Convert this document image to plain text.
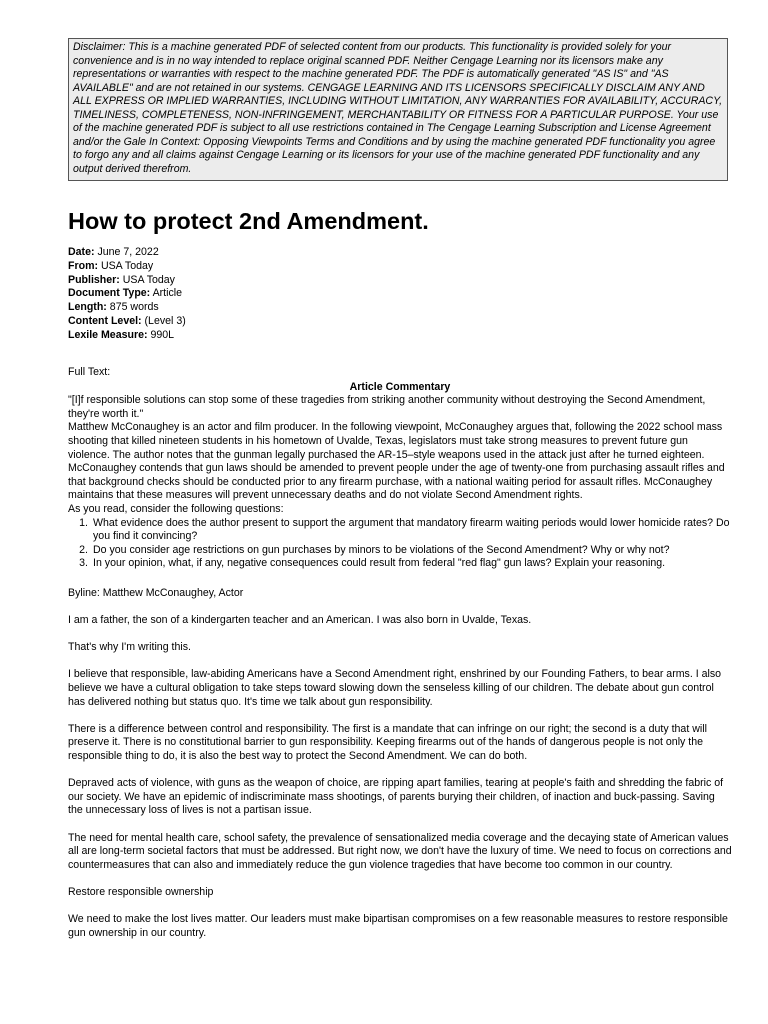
Disclaimer: This is a machine generated PDF of selected content from our products. This functionality is provided solely for your convenience and is in no way intended to replace original scanned PDF. Neither Cengage Learning nor its licensors make any representations or warranties with respect to the machine generated PDF. The PDF is automatically generated "AS IS" and "AS AVAILABLE" and are not retained in our systems. CENGAGE LEARNING AND ITS LICENSORS SPECIFICALLY DISCLAIM ANY AND ALL EXPRESS OR IMPLIED WARRANTIES, INCLUDING WITHOUT LIMITATION, ANY WARRANTIES FOR AVAILABILITY, ACCURACY, TIMELINESS, COMPLETENESS, NON-INFRINGEMENT, MERCHANTABILITY OR FITNESS FOR A PARTICULAR PURPOSE. Your use of the machine generated PDF is subject to all use restrictions contained in The Cengage Learning Subscription and License Agreement and/or the Gale In Context: Opposing Viewpoints Terms and Conditions and by using the machine generated PDF functionality you agree to forgo any and all claims against Cengage Learning or its licensors for your use of the machine generated PDF functionality and any output derived therefrom.
How to protect 2nd Amendment.
Date: June 7, 2022
From: USA Today
Publisher: USA Today
Document Type: Article
Length: 875 words
Content Level: (Level 3)
Lexile Measure: 990L

Full Text:

Article Commentary

"[I]f responsible solutions can stop some of these tragedies from striking another community without destroying the Second Amendment, they're worth it."

Matthew McConaughey is an actor and film producer. In the following viewpoint, McConaughey argues that, following the 2022 school mass shooting that killed nineteen students in his hometown of Uvalde, Texas, legislators must take strong measures to prevent future gun violence. The author notes that the gunman legally purchased the AR-15–style weapons used in the attack just after he turned eighteen. McConaughey contends that gun laws should be amended to prevent people under the age of twenty-one from purchasing assault rifles and that background checks should be conducted prior to any firearm purchase, with a national waiting period for assault rifles. McConaughey maintains that these measures will prevent unnecessary deaths and do not violate Second Amendment rights.

As you read, consider the following questions:

1. What evidence does the author present to support the argument that mandatory firearm waiting periods would lower homicide rates? Do you find it convincing?
2. Do you consider age restrictions on gun purchases by minors to be violations of the Second Amendment? Why or why not?
3. In your opinion, what, if any, negative consequences could result from federal "red flag" gun laws? Explain your reasoning.

Byline: Matthew McConaughey, Actor

I am a father, the son of a kindergarten teacher and an American. I was also born in Uvalde, Texas.

That's why I'm writing this.

I believe that responsible, law-abiding Americans have a Second Amendment right, enshrined by our Founding Fathers, to bear arms. I also believe we have a cultural obligation to take steps toward slowing down the senseless killing of our children. The debate about gun control has delivered nothing but status quo. It's time we talk about gun responsibility.

There is a difference between control and responsibility. The first is a mandate that can infringe on our right; the second is a duty that will preserve it. There is no constitutional barrier to gun responsibility. Keeping firearms out of the hands of dangerous people is not only the responsible thing to do, it is also the best way to protect the Second Amendment. We can do both.

Depraved acts of violence, with guns as the weapon of choice, are ripping apart families, tearing at people's faith and shredding the fabric of our society. We have an epidemic of indiscriminate mass shootings, of parents burying their children, of inaction and buck-passing. Saving the unnecessary loss of lives is not a partisan issue.

The need for mental health care, school safety, the prevalence of sensationalized media coverage and the decaying state of American values all are long-term societal factors that must be addressed. But right now, we don't have the luxury of time. We need to focus on corrections and countermeasures that can also and immediately reduce the gun violence tragedies that have become too common in our country.

Restore responsible ownership

We need to make the lost lives matter. Our leaders must make bipartisan compromises on a few reasonable measures to restore responsible gun ownership in our country.
